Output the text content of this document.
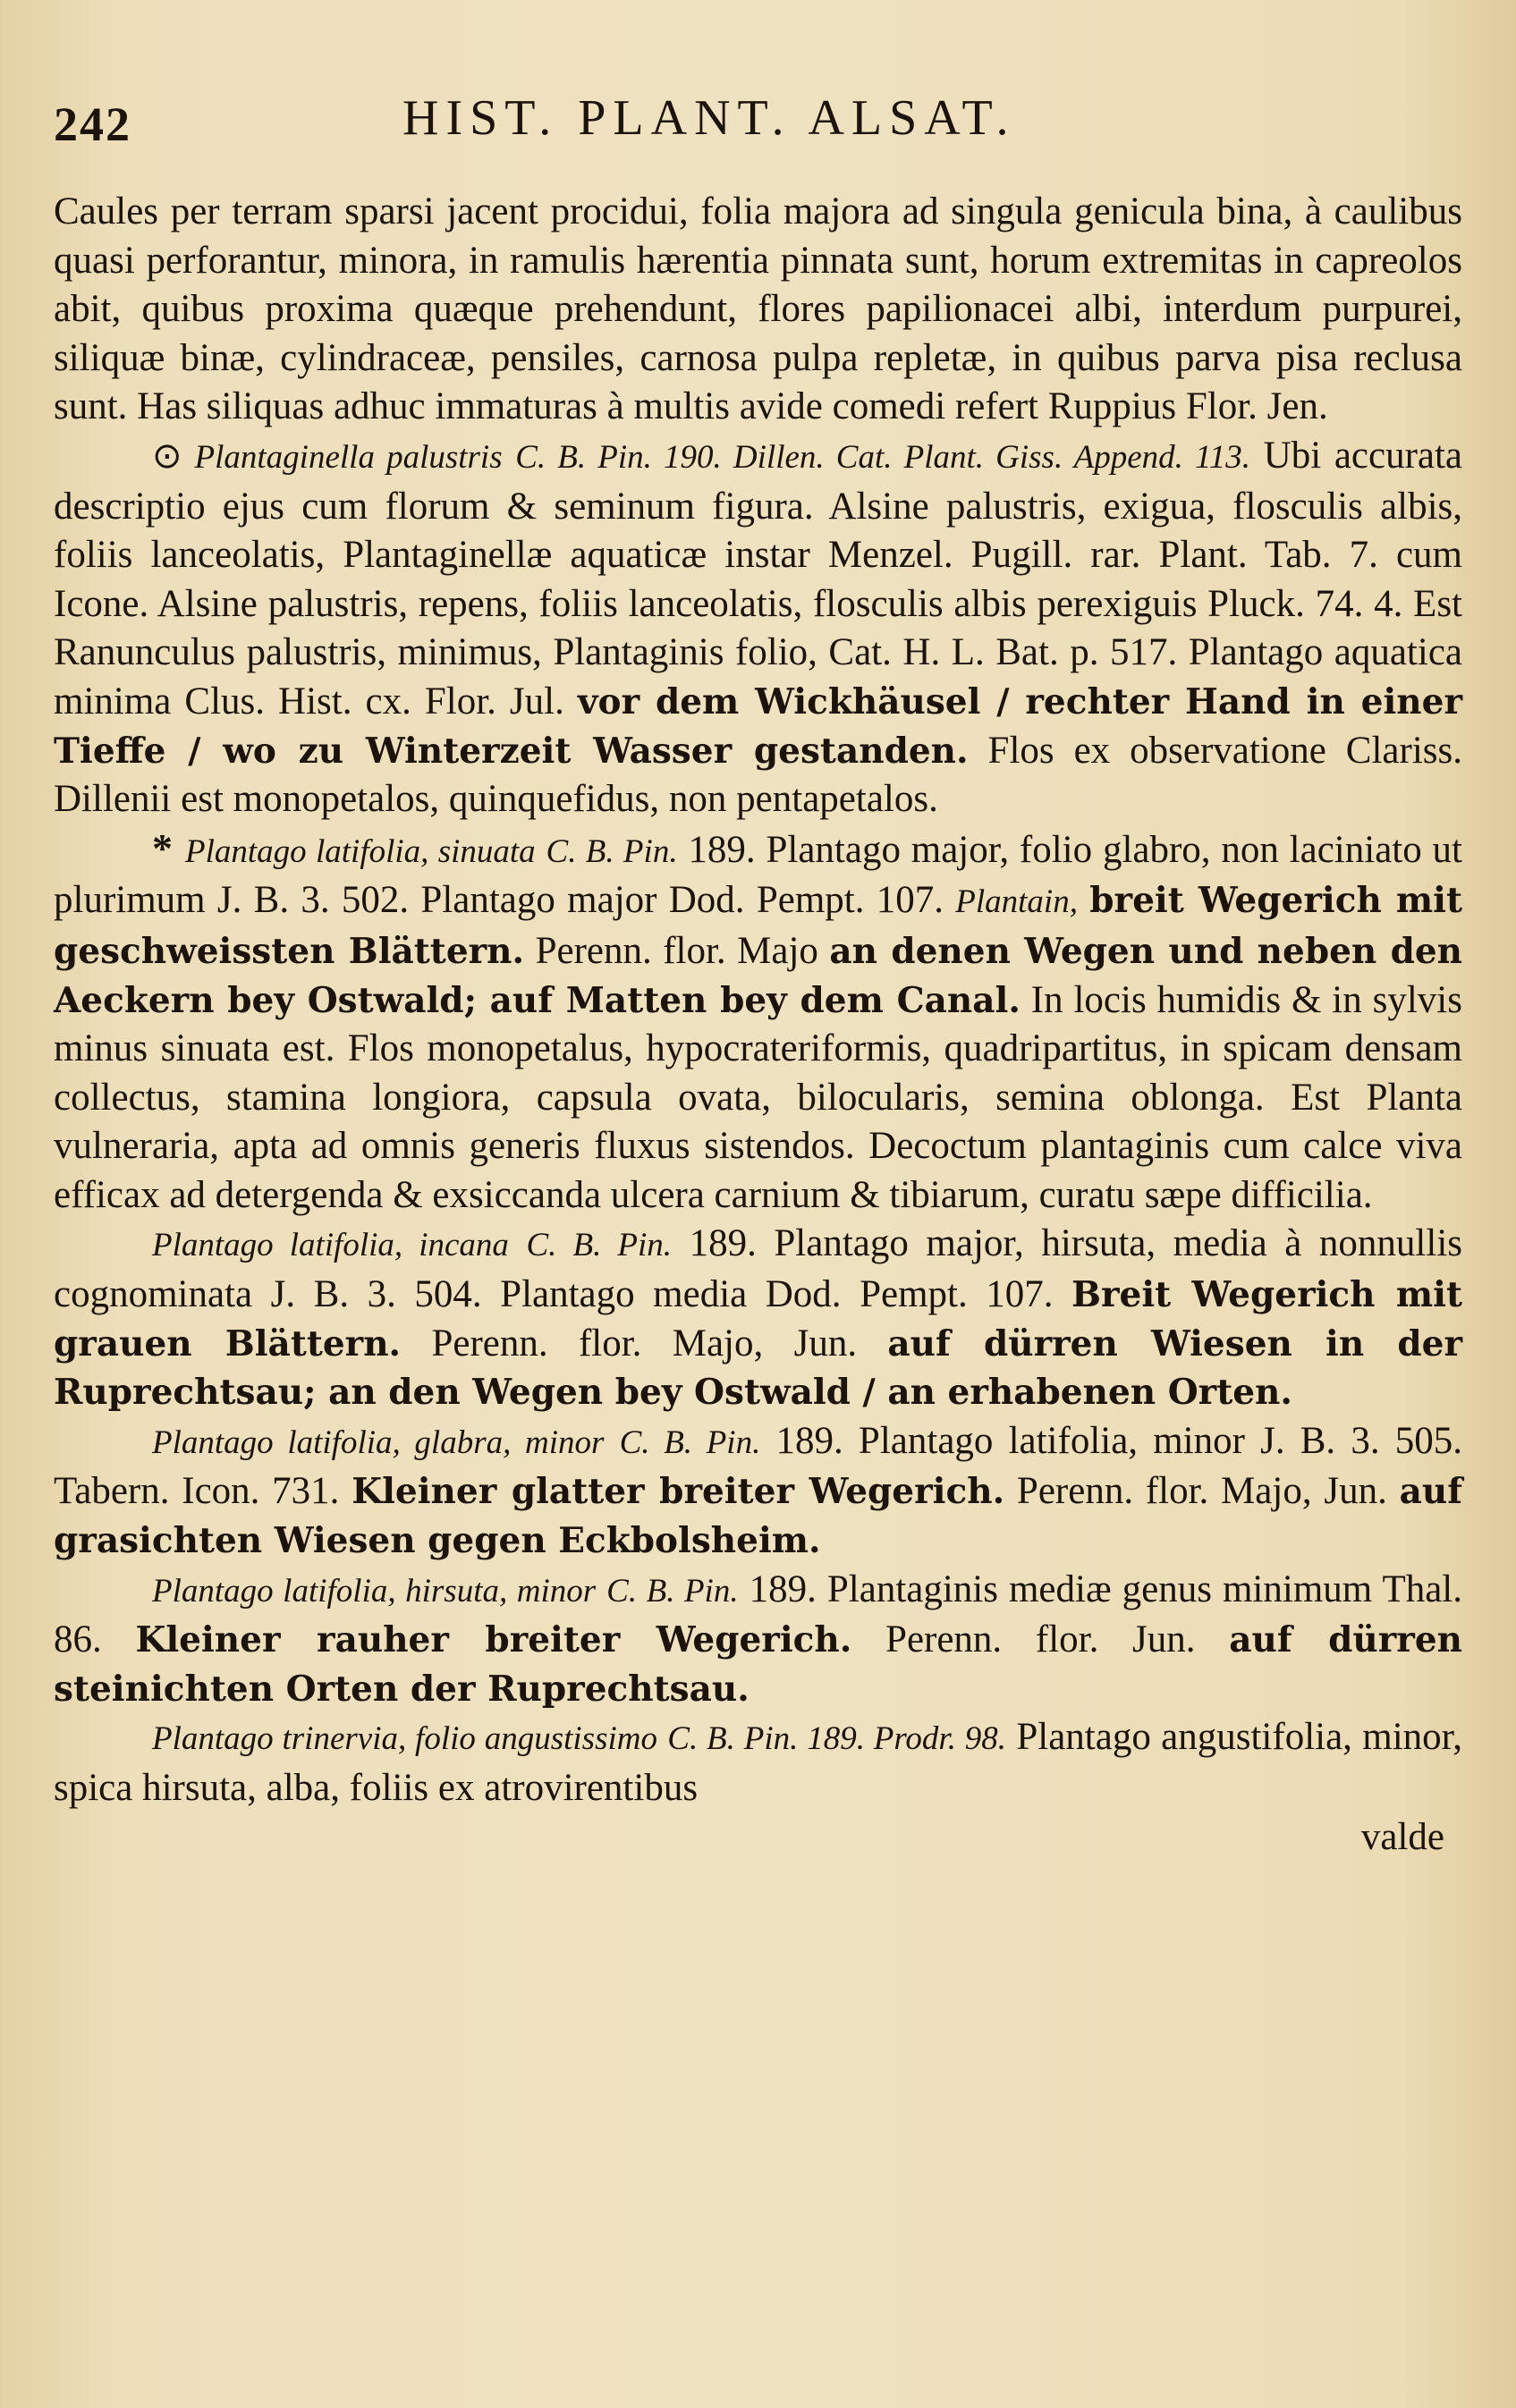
242	HIST. PLANT. ALSAT.

Caules per terram sparsi jacent procidui, folia majora ad singula genicula bina, à caulibus quasi perforantur, minora, in ramulis hærentia pinnata sunt, horum extremitas in capreolos abit, quibus proxima quæque prehendunt, flores papilionacei albi, interdum purpurei, siliquæ binæ, cylindraceæ, pensiles, carnosa pulpa repletæ, in quibus parva pisa reclusa sunt. Has siliquas adhuc immaturas à multis avide comedi refert Ruppius Flor. Jen.

⊙ Plantaginella palustris C. B. Pin. 190. Dillen. Cat. Plant. Giss. Append. 113. Ubi accurata descriptio ejus cum florum & seminum figura. Alsine palustris, exigua, flosculis albis, foliis lanceolatis, Plantaginellæ aquaticæ instar Menzel. Pugill. rar. Plant. Tab. 7. cum Icone. Alsine palustris, repens, foliis lanceolatis, flosculis albis perexiguis Pluck. 74. 4. Est Ranunculus palustris, minimus, Plantaginis folio, Cat. H. L. Bat. p. 517. Plantago aquatica minima Clus. Hist. cx. Flor. Jul. vor dem Wickhäusel / rechter Hand in einer Tieffe / wo zu Winterzeit Wasser gestanden. Flos ex observatione Clariss. Dillenii est monopetalos, quinquefidus, non pentapetalos.

* Plantago latifolia, sinuata C. B. Pin. 189. Plantago major, folio glabro, non laciniato ut plurimum J. B. 3. 502. Plantago major Dod. Pempt. 107. Plantain, breit Wegerich mit geschweissten Blättern. Perenn. flor. Majo an denen Wegen und neben den Aeckern bey Ostwald; auf Matten bey dem Canal. In locis humidis & in sylvis minus sinuata est. Flos monopetalus, hypocrateriformis, quadripartitus, in spicam densam collectus, stamina longiora, capsula ovata, bilocularis, semina oblonga. Est Planta vulneraria, apta ad omnis generis fluxus sistendos. Decoctum plantaginis cum calce viva efficax ad detergenda & exsiccanda ulcera carnium & tibiarum, curatu sæpe difficilia.

Plantago latifolia, incana C. B. Pin. 189. Plantago major, hirsuta, media à nonnullis cognominata J. B. 3. 504. Plantago media Dod. Pempt. 107. Breit Wegerich mit grauen Blättern. Perenn. flor. Majo, Jun. auf dürren Wiesen in der Ruprechtsau; an den Wegen bey Ostwald / an erhabenen Orten.

Plantago latifolia, glabra, minor C. B. Pin. 189. Plantago latifolia, minor J. B. 3. 505. Tabern. Icon. 731. Kleiner glatter breiter Wegerich. Perenn. flor. Majo, Jun. auf grasichten Wiesen gegen Eckbolsheim.

Plantago latifolia, hirsuta, minor C. B. Pin. 189. Plantaginis mediæ genus minimum Thal. 86. Kleiner rauher breiter Wegerich. Perenn. flor. Jun. auf dürren steinichten Orten der Ruprechtsau.

Plantago trinervia, folio angustissimo C. B. Pin. 189. Prodr. 98. Plantago angustifolia, minor, spica hirsuta, alba, foliis ex atrovirentibus

valde
